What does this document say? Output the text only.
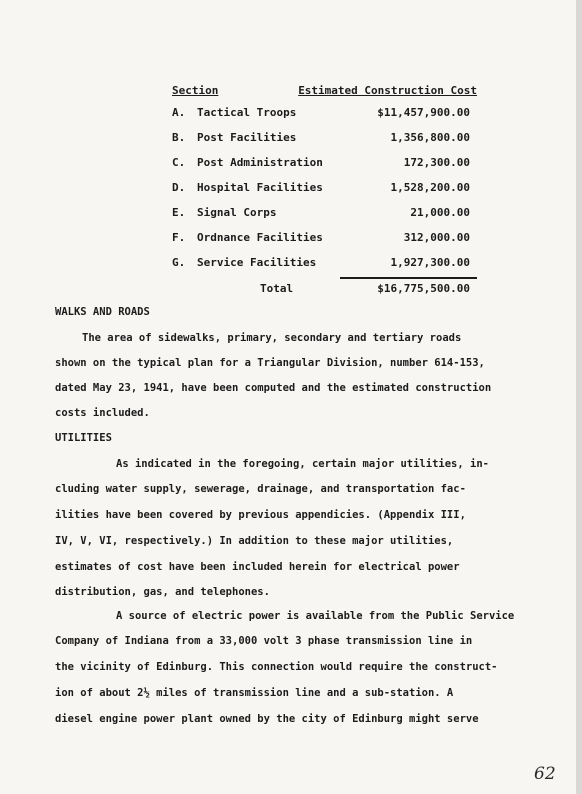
Section	Estimated Construction Cost
A. Tactical Troops	$11,457,900.00
B. Post Facilities	1,356,800.00
C. Post Administration	172,300.00
D. Hospital Facilities	1,528,200.00
E. Signal Corps	21,000.00
F. Ordnance Facilities	312,000.00
G. Service Facilities	1,927,300.00
Total	$16,775,500.00
WALKS AND ROADS
The area of sidewalks, primary, secondary and tertiary roads
shown on the typical plan for a Triangular Division, number 614-153,
dated May 23, 1941, have been computed and the estimated construction
costs included.
UTILITIES
As indicated in the foregoing, certain major utilities, in-
cluding water supply, sewerage, drainage, and transportation fac-
ilities have been covered by previous appendicies. (Appendix III,
IV, V, VI, respectively.) In addition to these major utilities,
estimates of cost have been included herein for electrical power
distribution, gas, and telephones.
A source of electric power is available from the Public Service
Company of Indiana from a 33,000 volt 3 phase transmission line in
the vicinity of Edinburg. This connection would require the construct-
ion of about 2½ miles of transmission line and a sub-station. A
diesel engine power plant owned by the city of Edinburg might serve
62
